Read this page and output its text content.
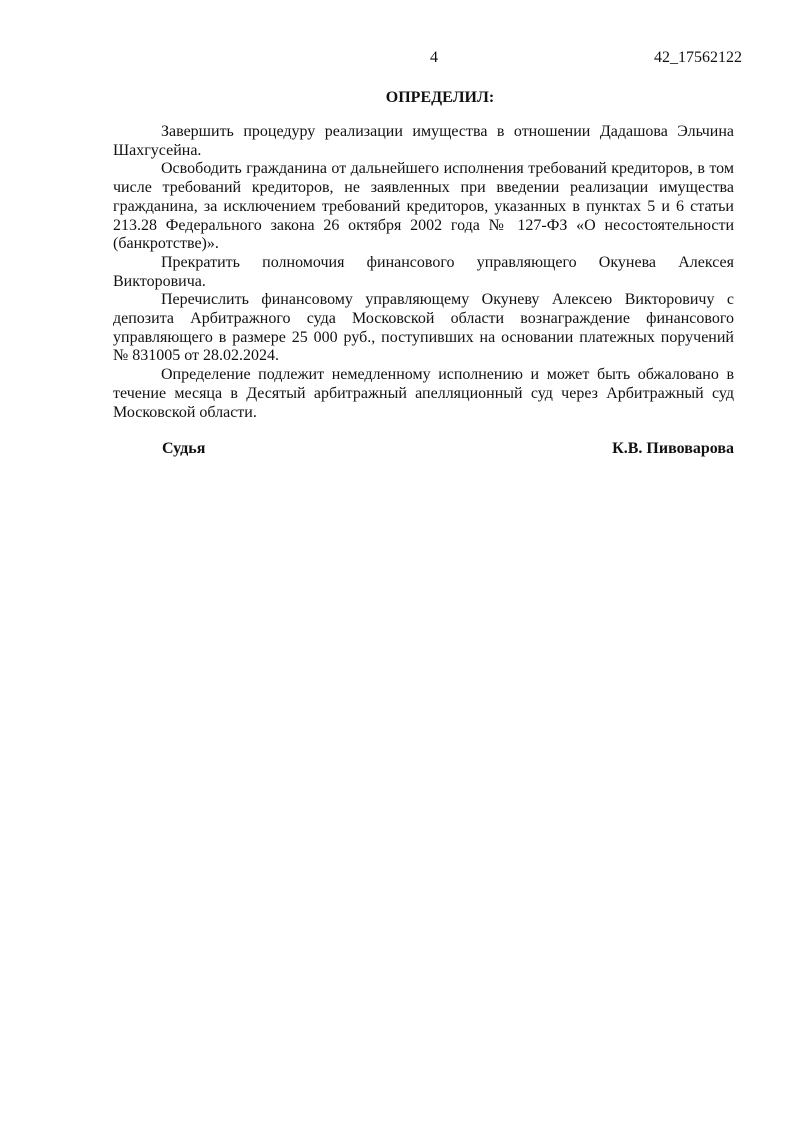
4	42_17562122
ОПРЕДЕЛИЛ:

Завершить процедуру реализации имущества в отношении Дадашова Эльчина Шахгусейна.

Освободить гражданина от дальнейшего исполнения требований кредиторов, в том числе требований кредиторов, не заявленных при введении реализации имущества гражданина, за исключением требований кредиторов, указанных в пунктах 5 и 6 статьи 213.28 Федерального закона 26 октября 2002 года № 127-ФЗ «О несостоятельности (банкротстве)».

Прекратить полномочия финансового управляющего Окунева Алексея Викторовича.

Перечислить финансовому управляющему Окуневу Алексею Викторовичу с депозита Арбитражного суда Московской области вознаграждение финансового управляющего в размере 25 000 руб., поступивших на основании платежных поручений № 831005 от 28.02.2024.

Определение подлежит немедленному исполнению и может быть обжаловано в течение месяца в Десятый арбитражный апелляционный суд через Арбитражный суд Московской области.

Судья	К.В. Пивоварова
